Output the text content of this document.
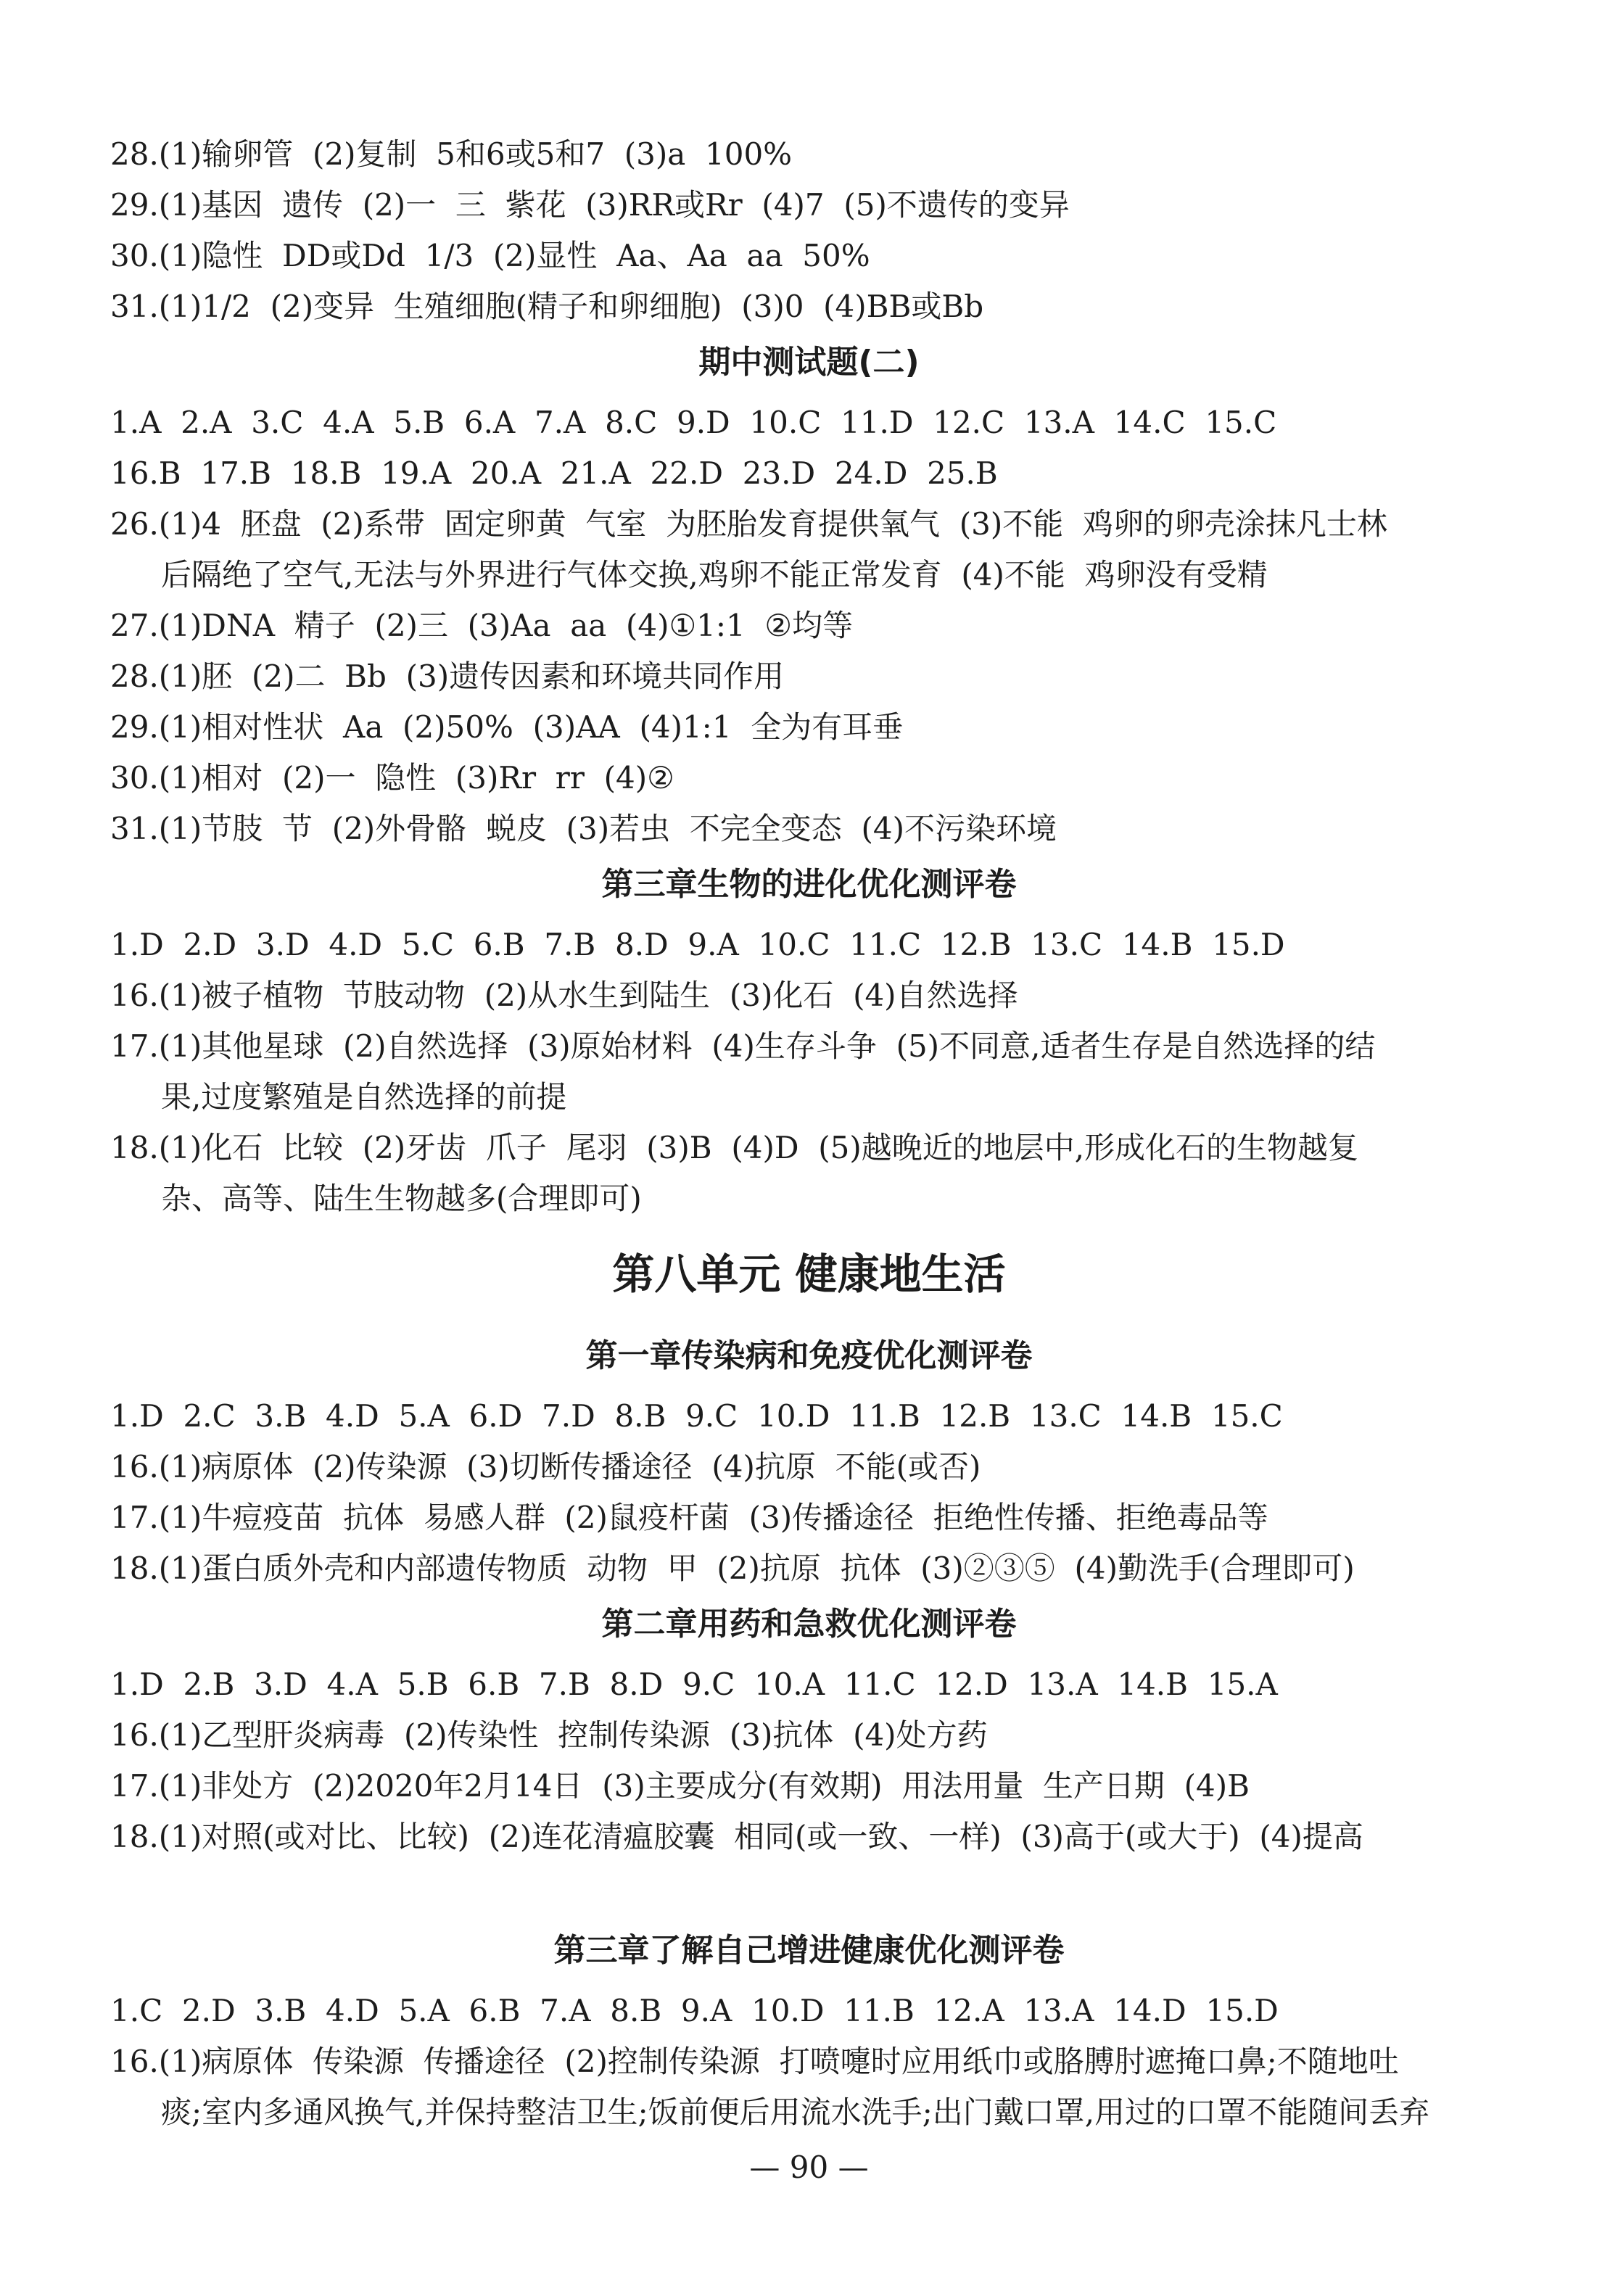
28.(1)输卵管  (2)复制  5和6或5和7  (3)a  100%
29.(1)基因  遗传  (2)一  三  紫花  (3)RR或Rr  (4)7  (5)不遗传的变异
30.(1)隐性  DD或Dd  1/3  (2)显性  Aa、Aa  aa  50%
31.(1)1/2  (2)变异  生殖细胞(精子和卵细胞)  (3)0  (4)BB或Bb
期中测试题(二)
1.A  2.A  3.C  4.A  5.B  6.A  7.A  8.C  9.D  10.C  11.D  12.C  13.A  14.C  15.C
16.B  17.B  18.B  19.A  20.A  21.A  22.D  23.D  24.D  25.B
26.(1)4  胚盘  (2)系带  固定卵黄  气室  为胚胎发育提供氧气  (3)不能  鸡卵的卵壳涂抹凡士林
后隔绝了空气,无法与外界进行气体交换,鸡卵不能正常发育  (4)不能  鸡卵没有受精
27.(1)DNA  精子  (2)三  (3)Aa  aa  (4)①1:1  ②均等
28.(1)胚  (2)二  Bb  (3)遗传因素和环境共同作用
29.(1)相对性状  Aa  (2)50%  (3)AA  (4)1:1  全为有耳垂
30.(1)相对  (2)一  隐性  (3)Rr  rr  (4)②
31.(1)节肢  节  (2)外骨骼  蜕皮  (3)若虫  不完全变态  (4)不污染环境
第三章生物的进化优化测评卷
1.D  2.D  3.D  4.D  5.C  6.B  7.B  8.D  9.A  10.C  11.C  12.B  13.C  14.B  15.D
16.(1)被子植物  节肢动物  (2)从水生到陆生  (3)化石  (4)自然选择
17.(1)其他星球  (2)自然选择  (3)原始材料  (4)生存斗争  (5)不同意,适者生存是自然选择的结
果,过度繁殖是自然选择的前提
18.(1)化石  比较  (2)牙齿  爪子  尾羽  (3)B  (4)D  (5)越晚近的地层中,形成化石的生物越复
杂、高等、陆生生物越多(合理即可)
第八单元 健康地生活
第一章传染病和免疫优化测评卷
1.D  2.C  3.B  4.D  5.A  6.D  7.D  8.B  9.C  10.D  11.B  12.B  13.C  14.B  15.C
16.(1)病原体  (2)传染源  (3)切断传播途径  (4)抗原  不能(或否)
17.(1)牛痘疫苗  抗体  易感人群  (2)鼠疫杆菌  (3)传播途径  拒绝性传播、拒绝毒品等
18.(1)蛋白质外壳和内部遗传物质  动物  甲  (2)抗原  抗体  (3)②③⑤  (4)勤洗手(合理即可)
第二章用药和急救优化测评卷
1.D  2.B  3.D  4.A  5.B  6.B  7.B  8.D  9.C  10.A  11.C  12.D  13.A  14.B  15.A
16.(1)乙型肝炎病毒  (2)传染性  控制传染源  (3)抗体  (4)处方药
17.(1)非处方  (2)2020年2月14日  (3)主要成分(有效期)  用法用量  生产日期  (4)B
18.(1)对照(或对比、比较)  (2)连花清瘟胶囊  相同(或一致、一样)  (3)高于(或大于)  (4)提高
第三章了解自己增进健康优化测评卷
1.C  2.D  3.B  4.D  5.A  6.B  7.A  8.B  9.A  10.D  11.B  12.A  13.A  14.D  15.D
16.(1)病原体  传染源  传播途径  (2)控制传染源  打喷嚏时应用纸巾或胳膊肘遮掩口鼻;不随地吐
痰;室内多通风换气,并保持整洁卫生;饭前便后用流水洗手;出门戴口罩,用过的口罩不能随间丢弃
— 90 —
